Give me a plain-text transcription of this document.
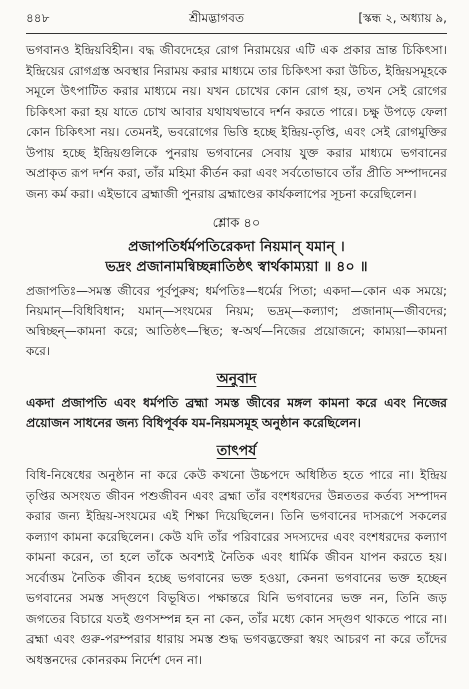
৪৪৮	শ্রীমদ্ভাগবত	[স্কন্ধ ২, অধ্যায় ৯,

ভগবানও ইন্দ্রিয়বিহীন। বদ্ধ জীবদেহের রোগ নিরাময়ের এটি এক প্রকার ভ্রান্ত চিকিৎসা। ইন্দ্রিয়ের রোগগ্রস্ত অবস্থার নিরাময় করার মাধ্যমে তার চিকিৎসা করা উচিত, ইন্দ্রিয়সমূহকে সমূলে উৎপাটিত করার মাধ্যমে নয়। যখন চোখের কোন রোগ হয়, তখন সেই রোগের চিকিৎসা করা হয় যাতে চোখ আবার যথাযথভাবে দর্শন করতে পারে। চক্ষু উপড়ে ফেলা কোন চিকিৎসা নয়। তেমনই, ভবরোগের ভিত্তি হচ্ছে ইন্দ্রিয়-তৃপ্তি, এবং সেই রোগমুক্তির উপায় হচ্ছে ইন্দ্রিয়গুলিকে পুনরায় ভগবানের সেবায় যুক্ত করার মাধ্যমে ভগবানের অপ্রাকৃত রূপ দর্শন করা, তাঁর মহিমা কীর্তন করা এবং সর্বতোভাবে তাঁর প্রীতি সম্পাদনের জন্য কর্ম করা। এইভাবে ব্রহ্মাজী পুনরায় ব্রহ্মাণ্ডের কার্যকলাপের সূচনা করেছিলেন।

শ্লোক ৪০
প্রজাপতির্ধর্মপতিরেকদা নিয়মান্ যমান্ ।
ভদ্রং প্রজানামন্বিচ্ছন্নাতিষ্ঠৎ স্বার্থকাম্যয়া ॥ ৪০ ॥

প্রজাপতিঃ—সমস্ত জীবের পূর্বপুরুষ; ধর্মপতিঃ—ধর্মের পিতা; একদা—কোন এক সময়ে; নিয়মান্—বিধিবিধান; যমান্—সংযমের নিয়ম; ভদ্রম্—কল্যাণ; প্রজানাম্—জীবদের; অন্বিচ্ছন্—কামনা করে; আতিষ্ঠৎ—স্থিত; স্ব-অর্থ—নিজের প্রয়োজনে; কাম্যয়া—কামনা করে।

অনুবাদ

একদা প্রজাপতি এবং ধর্মপতি ব্রহ্মা সমস্ত জীবের মঙ্গল কামনা করে এবং নিজের প্রয়োজন সাধনের জন্য বিধিপূর্বক যম-নিয়মসমূহ অনুষ্ঠান করেছিলেন।

তাৎপর্য

বিধি-নিষেধের অনুষ্ঠান না করে কেউ কখনো উচ্চপদে অধিষ্ঠিত হতে পারে না। ইন্দ্রিয় তৃপ্তির অসংযত জীবন পশুজীবন এবং ব্রহ্মা তাঁর বংশধরদের উন্নততর কর্তব্য সম্পাদন করার জন্য ইন্দ্রিয়-সংযমের এই শিক্ষা দিয়েছিলেন। তিনি ভগবানের দাসরূপে সকলের কল্যাণ কামনা করেছিলেন। কেউ যদি তাঁর পরিবারের সদস্যদের এবং বংশধরদের কল্যাণ কামনা করেন, তা হলে তাঁকে অবশ্যই নৈতিক এবং ধার্মিক জীবন যাপন করতে হয়। সর্বোত্তম নৈতিক জীবন হচ্ছে ভগবানের ভক্ত হওয়া, কেননা ভগবানের ভক্ত হচ্ছেন ভগবানের সমস্ত সদ্‌গুণে বিভূষিত। পক্ষান্তরে যিনি ভগবানের ভক্ত নন, তিনি জড় জগতের বিচারে যতই গুণসম্পন্ন হন না কেন, তাঁর মধ্যে কোন সদ্‌গুণ থাকতে পারে না। ব্রহ্মা এবং গুরু-পরম্পরার ধারায় সমস্ত শুদ্ধ ভগবদ্ভক্তেরা স্বয়ং আচরণ না করে তাঁদের অধস্তনদের কোনরকম নির্দেশ দেন না।
